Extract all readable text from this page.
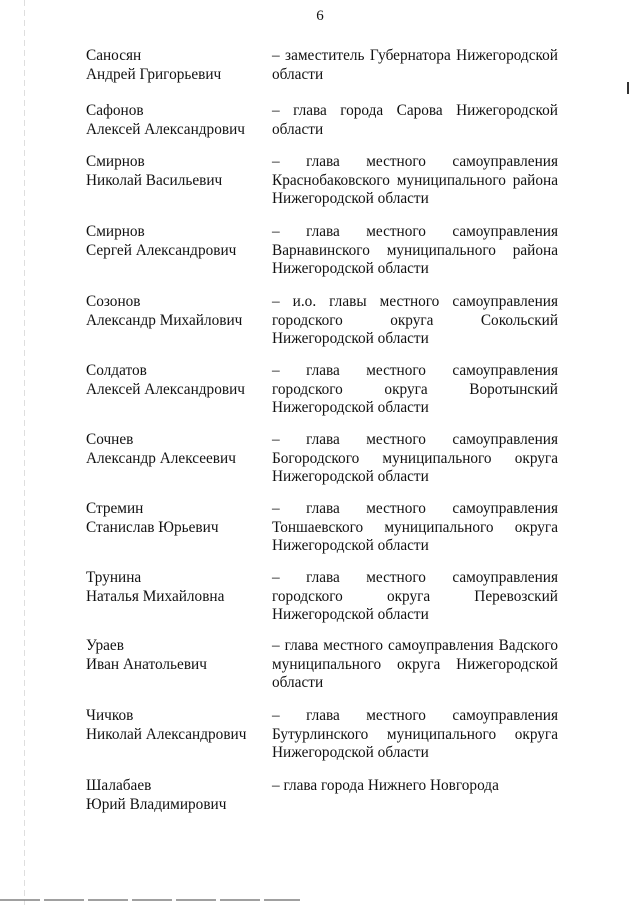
6
Саносян
Андрей Григорьевич
– заместитель Губернатора Нижегородской
области
Сафонов
Алексей Александрович
– глава города Сарова Нижегородской
области
Смирнов
Николай Васильевич
– глава местного самоуправления
Краснобаковского муниципального района
Нижегородской области
Смирнов
Сергей Александрович
– глава местного самоуправления
Варнавинского муниципального района
Нижегородской области
Созонов
Александр Михайлович
– и.о. главы местного самоуправления
городского округа Сокольский
Нижегородской области
Солдатов
Алексей Александрович
– глава местного самоуправления
городского округа Воротынский
Нижегородской области
Сочнев
Александр Алексеевич
– глава местного самоуправления
Богородского муниципального округа
Нижегородской области
Стремин
Станислав Юрьевич
– глава местного самоуправления
Тоншаевского муниципального округа
Нижегородской области
Трунина
Наталья Михайловна
– глава местного самоуправления
городского округа Перевозский
Нижегородской области
Ураев
Иван Анатольевич
– глава местного самоуправления Вадского
муниципального округа Нижегородской
области
Чичков
Николай Александрович
– глава местного самоуправления
Бутурлинского муниципального округа
Нижегородской области
Шалабаев
Юрий Владимирович
– глава города Нижнего Новгорода
